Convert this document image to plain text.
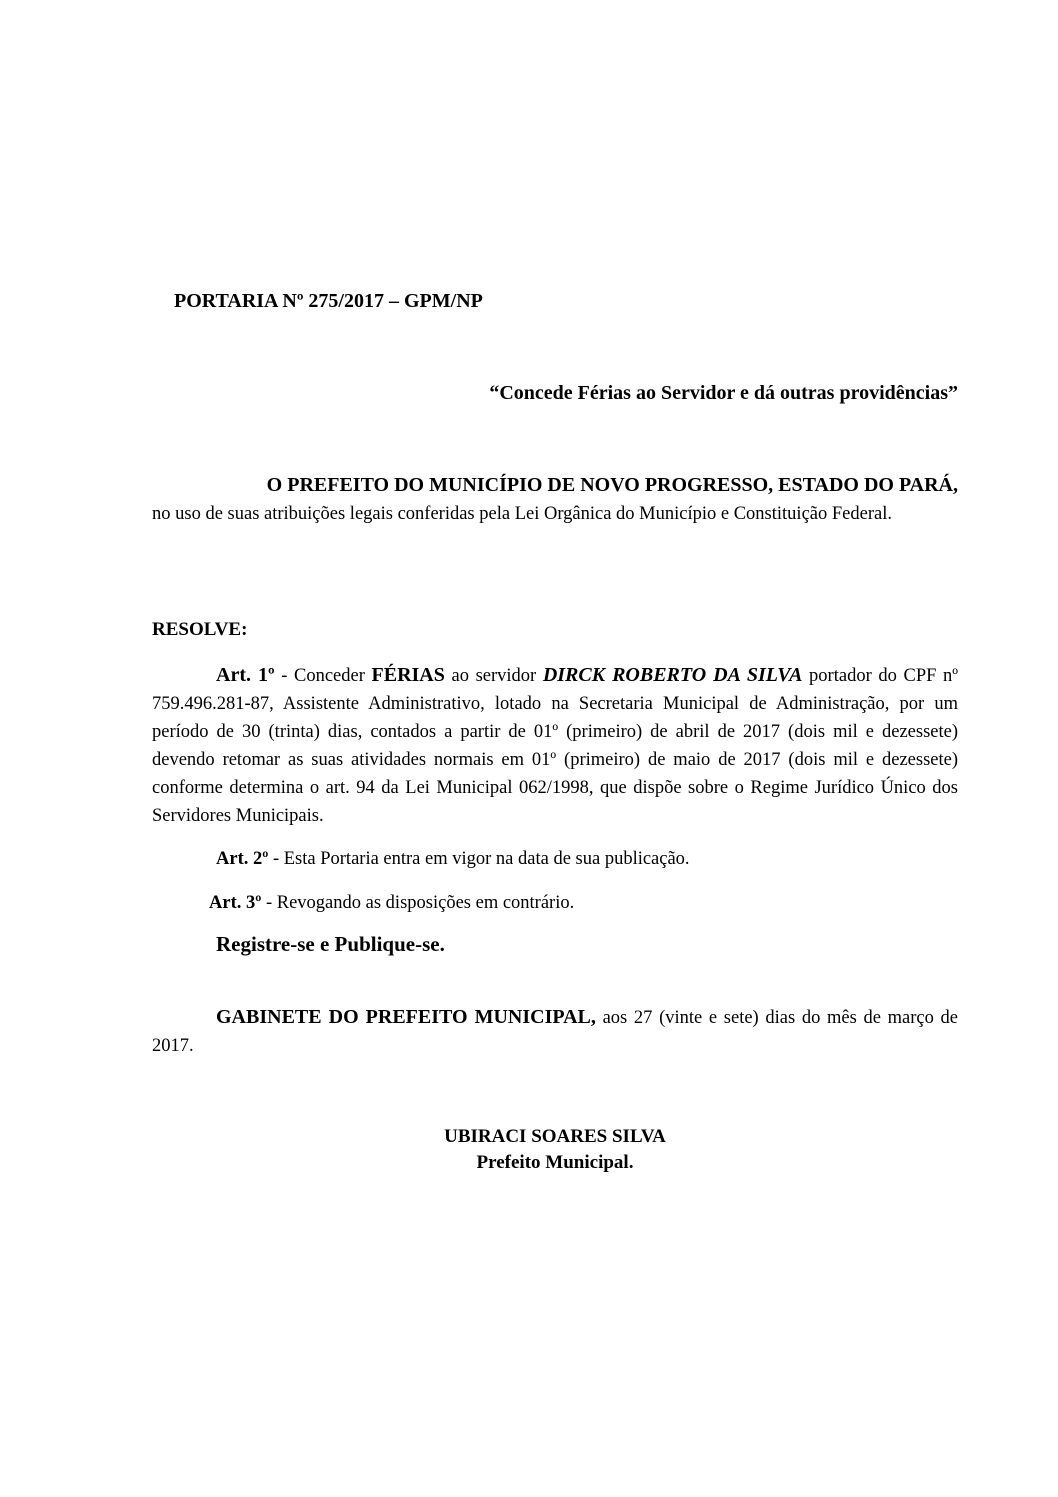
PORTARIA Nº 275/2017 – GPM/NP
“Concede Férias ao Servidor e dá outras providências”
O PREFEITO DO MUNICÍPIO DE NOVO PROGRESSO, ESTADO DO PARÁ,
no uso de suas atribuições legais conferidas pela Lei Orgânica do Município e Constituição Federal.
RESOLVE:
Art. 1º - Conceder FÉRIAS ao servidor DIRCK ROBERTO DA SILVA portador do CPF nº 759.496.281-87, Assistente Administrativo, lotado na Secretaria Municipal de Administração, por um período de 30 (trinta) dias, contados a partir de 01º (primeiro) de abril de 2017 (dois mil e dezessete) devendo retomar as suas atividades normais em 01º (primeiro) de maio de 2017 (dois mil e dezessete) conforme determina o art. 94 da Lei Municipal 062/1998, que dispõe sobre o Regime Jurídico Único dos Servidores Municipais.
Art. 2º - Esta Portaria entra em vigor na data de sua publicação.
Art. 3º - Revogando as disposições em contrário.
Registre-se e Publique-se.
GABINETE DO PREFEITO MUNICIPAL, aos 27 (vinte e sete) dias do mês de março de 2017.
UBIRACI SOARES SILVA
Prefeito Municipal.
